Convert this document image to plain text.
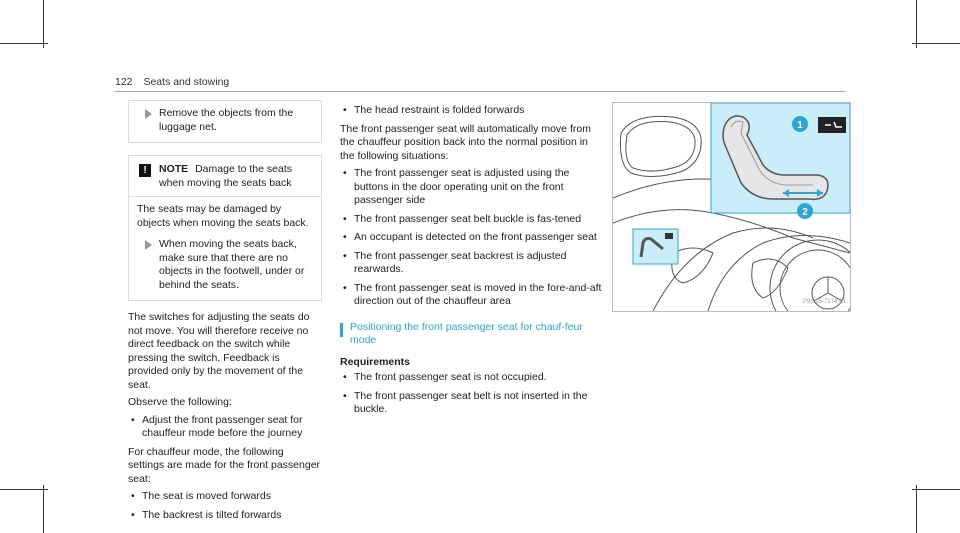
122 Seats and stowing
Remove the objects from the luggage net.
!	NOTE Damage to the seats when moving the seats back

The seats may be damaged by objects when moving the seats back.

When moving the seats back, make sure that there are no objects in the footwell, under or behind the seats.

The switches for adjusting the seats do not move. You will therefore receive no direct feedback on the switch while pressing the switch. Feedback is provided only by the movement of the seat.

Observe the following:

• Adjust the front passenger seat for chauffeur mode before the journey

For chauffeur mode, the following settings are made for the front passenger seat:

• The seat is moved forwards
• The backrest is tilted forwards
• The head restraint is folded forwards

The front passenger seat will automatically move from the chauffeur position back into the normal position in the following situations:

• The front passenger seat is adjusted using the buttons in the door operating unit on the front passenger side
• The front passenger seat belt buckle is fas-tened
• An occupant is detected on the front passenger seat
• The front passenger seat backrest is adjusted rearwards.
• The front passenger seat is moved in the fore-and-aft direction out of the chauffeur area
Positioning the front passenger seat for chauf-feur mode
Requirements
• The front passenger seat is not occupied.
• The front passenger seat belt is not inserted in the buckle.
1
2
P91.15-7174-31
